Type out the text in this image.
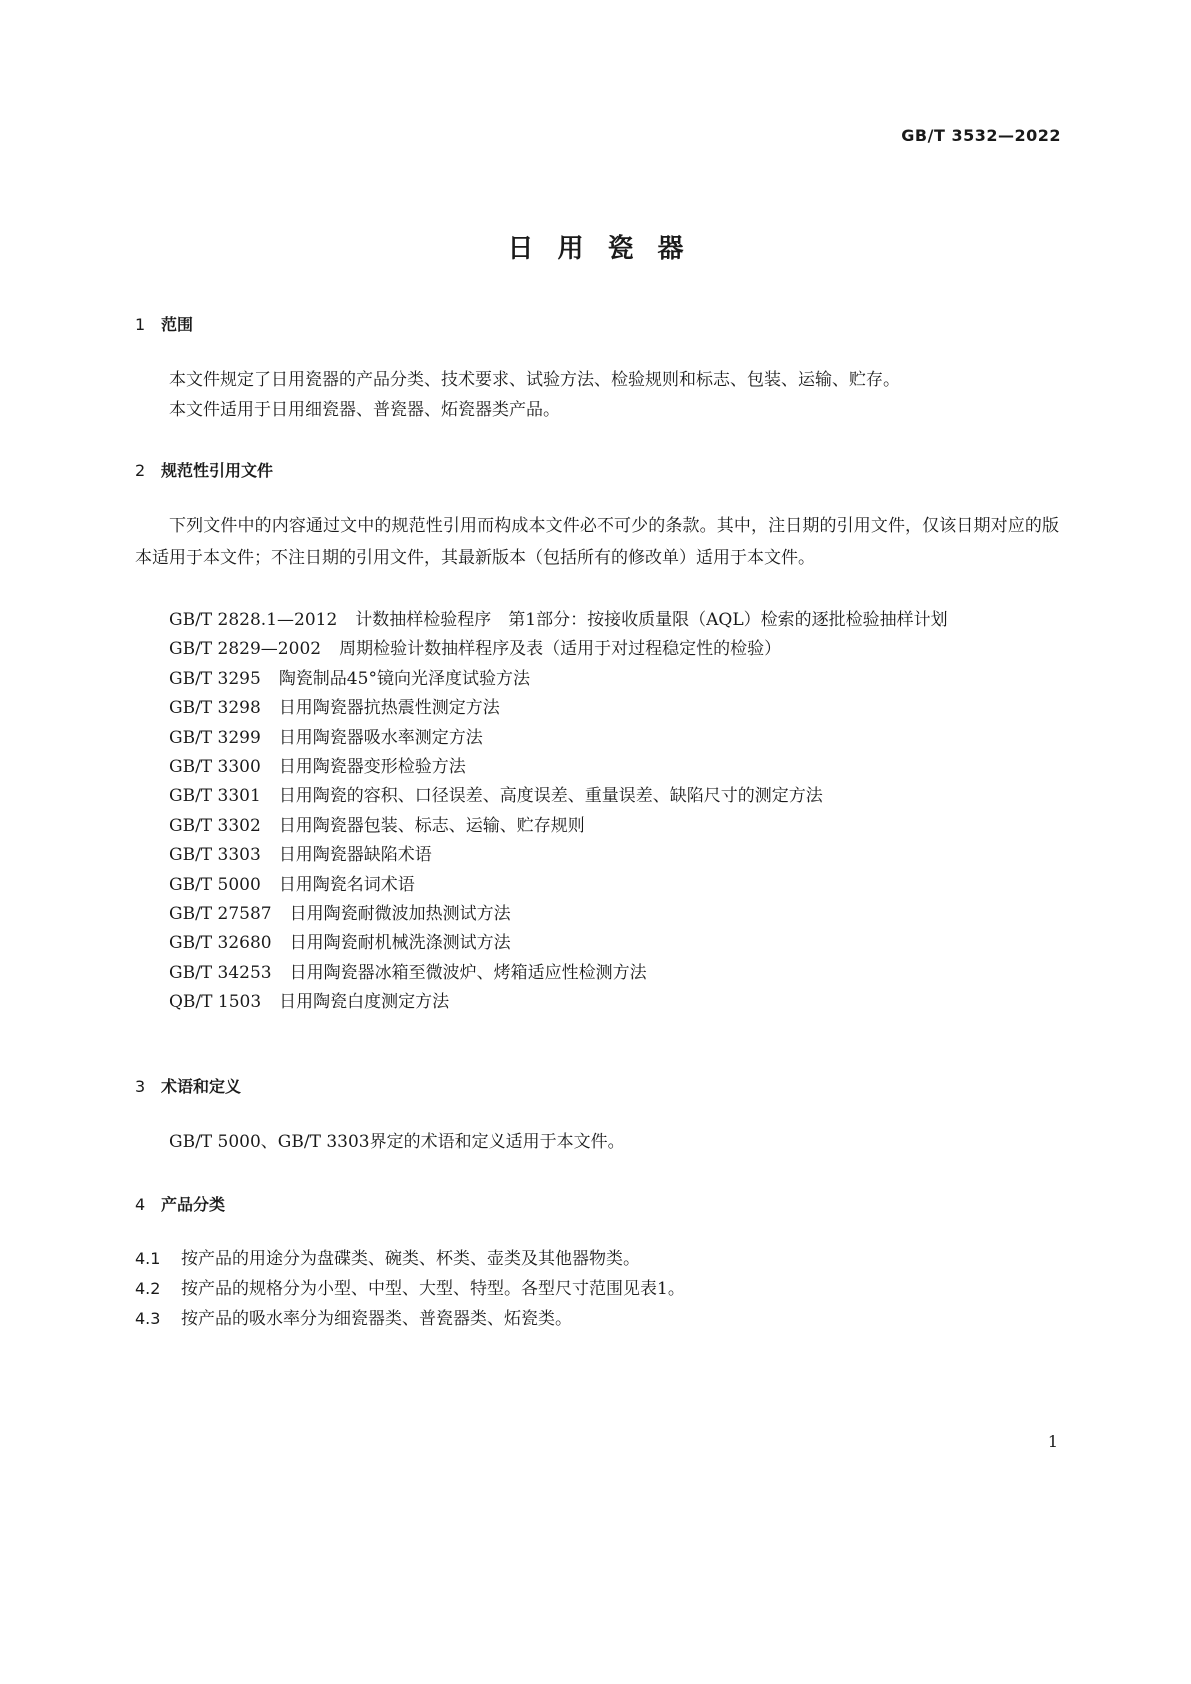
GB/T 3532—2022
日用瓷器
1 范围
本文件规定了日用瓷器的产品分类、技术要求、试验方法、检验规则和标志、包装、运输、贮存。
本文件适用于日用细瓷器、普瓷器、炻瓷器类产品。
2 规范性引用文件
下列文件中的内容通过文中的规范性引用而构成本文件必不可少的条款。其中，注日期的引用文件，仅该日期对应的版本适用于本文件；不注日期的引用文件，其最新版本（包括所有的修改单）适用于本文件。
GB/T 2828.1—2012 计数抽样检验程序　第1部分：按接收质量限（AQL）检索的逐批检验抽样计划
GB/T 2829—2002 周期检验计数抽样程序及表（适用于对过程稳定性的检验）
GB/T 3295 陶瓷制品45°镜向光泽度试验方法
GB/T 3298 日用陶瓷器抗热震性测定方法
GB/T 3299 日用陶瓷器吸水率测定方法
GB/T 3300 日用陶瓷器变形检验方法
GB/T 3301 日用陶瓷的容积、口径误差、高度误差、重量误差、缺陷尺寸的测定方法
GB/T 3302 日用陶瓷器包装、标志、运输、贮存规则
GB/T 3303 日用陶瓷器缺陷术语
GB/T 5000 日用陶瓷名词术语
GB/T 27587 日用陶瓷耐微波加热测试方法
GB/T 32680 日用陶瓷耐机械洗涤测试方法
GB/T 34253 日用陶瓷器冰箱至微波炉、烤箱适应性检测方法
QB/T 1503 日用陶瓷白度测定方法
3 术语和定义
GB/T 5000、GB/T 3303界定的术语和定义适用于本文件。
4 产品分类
4.1 按产品的用途分为盘碟类、碗类、杯类、壶类及其他器物类。
4.2 按产品的规格分为小型、中型、大型、特型。各型尺寸范围见表1。
4.3 按产品的吸水率分为细瓷器类、普瓷器类、炻瓷类。
1
